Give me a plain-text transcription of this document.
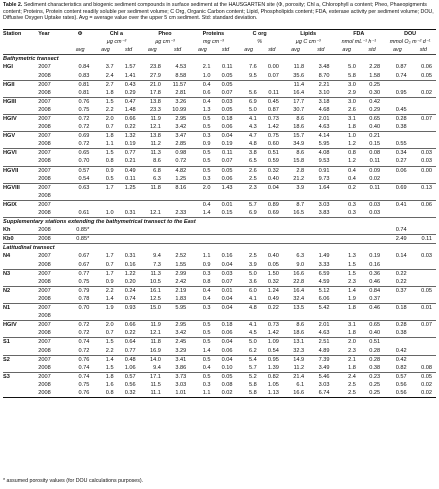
Table 2. Sediment characteristics and biogenic sediment compounds in surface sediment at the HAUSGARTEN site (Φ, porosity; Chl a, Chlorophyll a content; Pheo, Phaeopigments content; Proteins, Protein content readily soluble per sediment volume; C Org, Organic Carbon content; Lipid, Phospholipids content; FDA, esterase activity per sediment volume; DOU, Diffusive Oxygen Uptake rates). Avg = average value over the upper 5 cm sediment. Std: standard deviation.
Station	Year	Φ	Chl a		Pheo		Proteins		C org		Lipids		FDA		DOU	
			µg cm⁻³		µg cm⁻³		mg cm⁻³		%		µg C cm⁻³		nmol mL⁻¹ h⁻¹		mmol O₂ m⁻² d⁻¹	
		avg	avg	std	avg	std	avg	std	avg	std	avg	std	avg	std	avg	std
Bathymetric transect																
HGI	2007	0.84	3.7	1.57	23.8	4.53	2.1	0.11	7.6	0.00	11.8	3.48	5.0	2.28	0.87	0.06
	2008	0.83	2.4	1.41	27.9	8.58	1.0	0.05	9.5	0.07	35.6	8.70	5.8	1.58	0.74	0.05
HGII	2007	0.81	2.7	0.43	21.0	11.57	0.4	0.05			11.4	2.21	3.0	0.25		
	2008	0.81	1.8	0.29	17.8	2.81	0.6	0.07	5.6	0.11	16.4	3.10	2.9	0.30	0.95	0.02
HGIII	2007	0.76	1.5	0.47	13.8	3.26	0.4	0.03	6.9	0.45	17.7	3.18	3.0	0.42		
	2008	0.75	2.2	1.48	23.3	10.99	1.3	0.05	5.0	0.87	30.7	4.68	2.6	0.29	0.45	
HGIV	2007	0.72	2.0	0.66	11.9	2.95	0.5	0.18	4.1	0.73	8.6	2.01	3.1	0.65	0.28	0.07
	2008	0.72	0.7	0.22	12.1	3.42	0.5	0.06	4.3	1.42	18.6	4.63	1.8	0.40	0.38	
HGV	2007	0.69	1.8	1.32	13.8	3.47	0.3	0.04	4.7	0.75	15.7	4.14	1.0	0.21		
	2008	0.72	1.1	0.19	11.2	2.85	0.9	0.19	4.8	0.60	34.9	5.95	1.2	0.15	0.55	
HGVI	2007	0.65	1.5	0.77	11.3	0.98	0.5	0.11	3.8	0.51	8.6	4.08	0.8	0.08	0.34	0.03
	2008	0.70	0.8	0.21	8.6	0.72	0.5	0.07	6.5	0.59	15.8	9.53	1.2	0.11	0.27	0.03
HGVII	2007	0.57	0.9	0.49	6.8	4.82	0.5	0.05	2.6	0.32	2.8	0.91	0.4	0.09	0.06	0.00
	2008	0.54	0.5	0.11	6.3	1.25	0.3	0.06	2.5	0.40	21.2	9.73	0.4	0.02		
HGVIII	2007	0.63	1.7	1.25	11.8	8.16	2.0	1.43	2.3	0.04	3.9	1.64	0.2	0.11	0.69	0.13
	2008															
HGIX	2007						0.4	0.01	5.7	0.89	8.7	3.03	0.3	0.03	0.41	0.06
	2008	0.61	1.0	0.31	12.1	2.33	1.4	0.15	6.9	0.69	16.5	3.83	0.3	0.03		
Supplementary stations extending the bathymetrical transect to the East																
Kh	2008	0.85*													0.74	
Kb0	2008	0.85*													2.49	0.11
Latitudinal transect																
N4	2007	0.67	1.7	0.31	9.4	2.52	1.1	0.16	2.5	0.40	6.3	1.49	1.3	0.19	0.14	0.03
	2008	0.67	0.7	0.16	7.3	1.55	0.9	0.04	3.9	0.05	9.0	3.33	1.5	0.16		
N3	2007	0.77	1.7	1.22	11.3	2.99	0.3	0.03	5.0	1.50	16.6	6.59	1.5	0.36	0.22	
	2008	0.75	0.9	0.20	10.5	2.42	0.8	0.07	3.6	0.32	22.8	4.59	2.3	0.46	0.22	
N2	2007	0.79	2.2	0.24	16.1	2.19	0.4	0.01	6.0	1.24	16.4	5.12	1.4	0.84	0.37	0.05
	2008	0.78	1.4	0.74	12.5	1.83	0.4	0.04	4.1	0.49	32.4	6.06	1.9	0.37		
N1	2007	0.70	1.9	0.93	15.0	5.95	0.3	0.04	4.8	0.22	13.5	5.42	1.8	0.46	0.18	0.01
	2008															
HGIV	2007	0.72	2.0	0.66	11.9	2.95	0.5	0.18	4.1	0.73	8.6	2.01	3.1	0.65	0.28	0.07
	2008	0.72	0.7	0.22	12.1	3.42	0.5	0.06	4.5	1.42	18.6	4.63	1.8	0.40	0.38	
S1	2007	0.74	1.5	0.64	11.8	2.45	0.5	0.04	5.0	1.09	13.1	2.51	2.0	0.51		
	2008	0.72	2.2	0.77	16.9	3.29	1.4	0.06	6.2	0.54	32.3	4.89	2.3	0.28	0.42	
S2	2007	0.76	1.4	0.48	14.0	3.41	0.5	0.04	5.4	0.95	14.9	7.39	2.1	0.28	0.42	
	2008	0.74	1.5	1.06	9.4	3.86	0.4	0.10	5.7	1.39	11.2	3.49	1.8	0.38	0.82	0.08
S3	2007	0.74	1.8	0.57	17.1	3.73	0.5	0.05	5.2	0.82	21.4	5.46	2.4	0.23	0.57	0.05
	2008	0.75	1.6	0.56	11.5	3.03	0.3	0.08	5.8	1.05	6.1	3.03	2.5	0.25	0.56	0.02
	2008	0.76	0.8	0.32	11.1	1.01	1.1	0.02	5.8	1.13	16.6	6.74	2.5	0.25	0.56	0.02
* assumed porosity values (for DOU calculations purposes).
